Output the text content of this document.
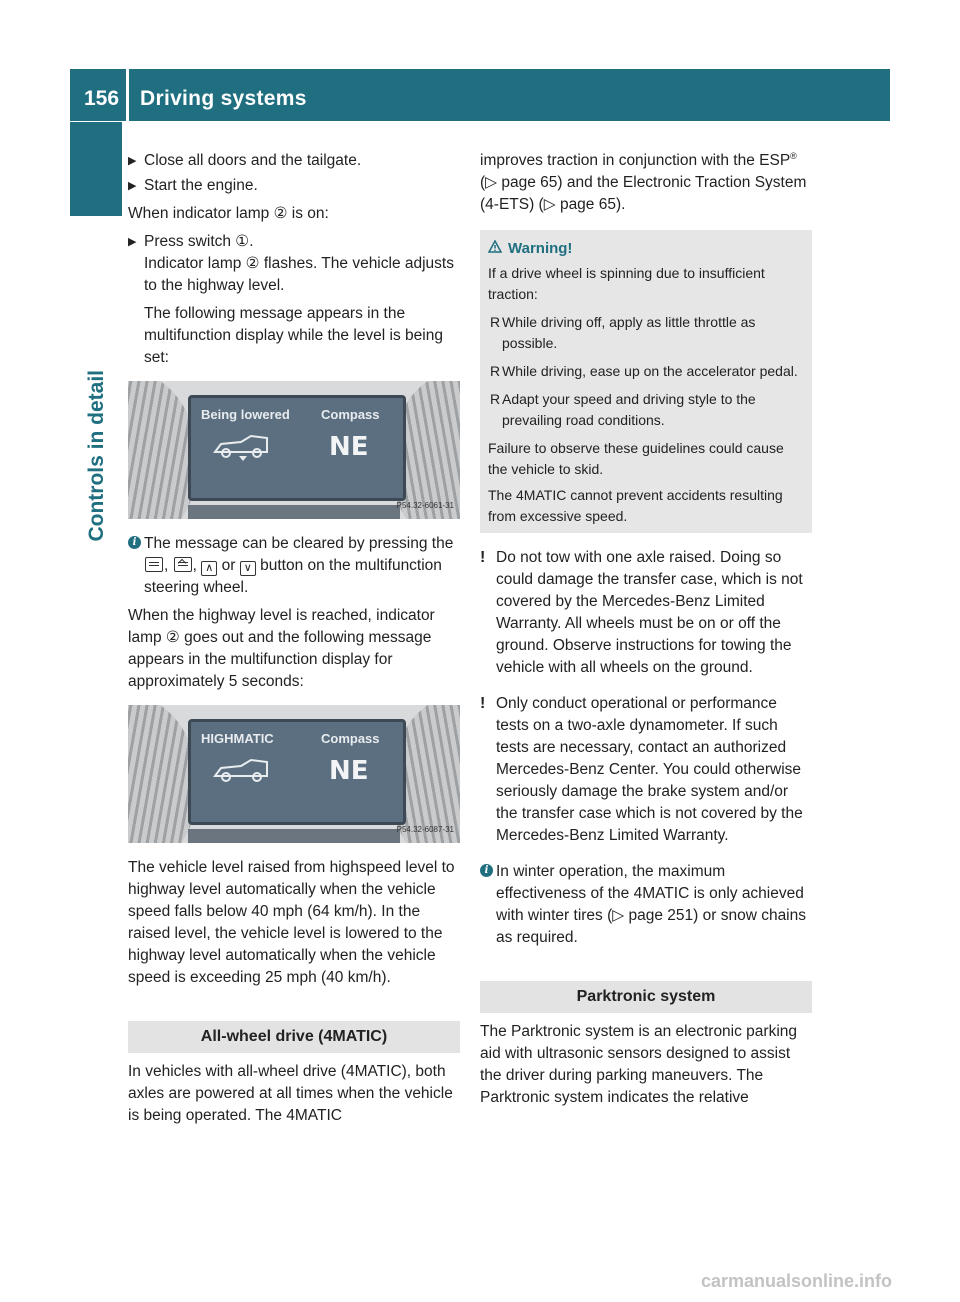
156 Driving systems
Controls in detail
▶ Close all doors and the tailgate.
▶ Start the engine.

When indicator lamp ② is on:

▶ Press switch ①.

Indicator lamp ② flashes. The vehicle adjusts to the highway level.

The following message appears in the multifunction display while the level is being set:

Being lowered Compass
NE
P54.32-6061-31
i The message can be cleared by pressing the , , ∧ or ∨ button on the multifunction steering wheel.

When the highway level is reached, indicator lamp ② goes out and the following message appears in the multifunction display for approximately 5 seconds:

HIGHMATIC	Compass
NE
P54.32-6087-31

The vehicle level raised from highspeed level to highway level automatically when the vehicle speed falls below 40 mph (64 km/h). In the raised level, the vehicle level is lowered to the highway level automatically when the vehicle speed is exceeding 25 mph (40 km/h).

All-wheel drive (4MATIC)

In vehicles with all-wheel drive (4MATIC), both axles are powered at all times when the vehicle is being operated. The 4MATIC

improves traction in conjunction with the ESP® (▷ page 65) and the Electronic Traction System (4-ETS) (▷ page 65).

Warning!

If a drive wheel is spinning due to insufficient traction:

R While driving off, apply as little throttle as possible.
R While driving, ease up on the accelerator pedal.
R Adapt your speed and driving style to the prevailing road conditions.

Failure to observe these guidelines could cause the vehicle to skid.

The 4MATIC cannot prevent accidents resulting from excessive speed.

! Do not tow with one axle raised. Doing so could damage the transfer case, which is not covered by the Mercedes-Benz Limited Warranty. All wheels must be on or off the ground. Observe instructions for towing the vehicle with all wheels on the ground.
! Only conduct operational or performance tests on a two-axle dynamometer. If such tests are necessary, contact an authorized Mercedes-Benz Center. You could otherwise seriously damage the brake system and/or the transfer case which is not covered by the Mercedes-Benz Limited Warranty.
i In winter operation, the maximum effectiveness of the 4MATIC is only achieved with winter tires (▷ page 251) or snow chains as required.
Parktronic system

The Parktronic system is an electronic parking aid with ultrasonic sensors designed to assist the driver during parking maneuvers. The Parktronic system indicates the relative

carmanualsonline.info
